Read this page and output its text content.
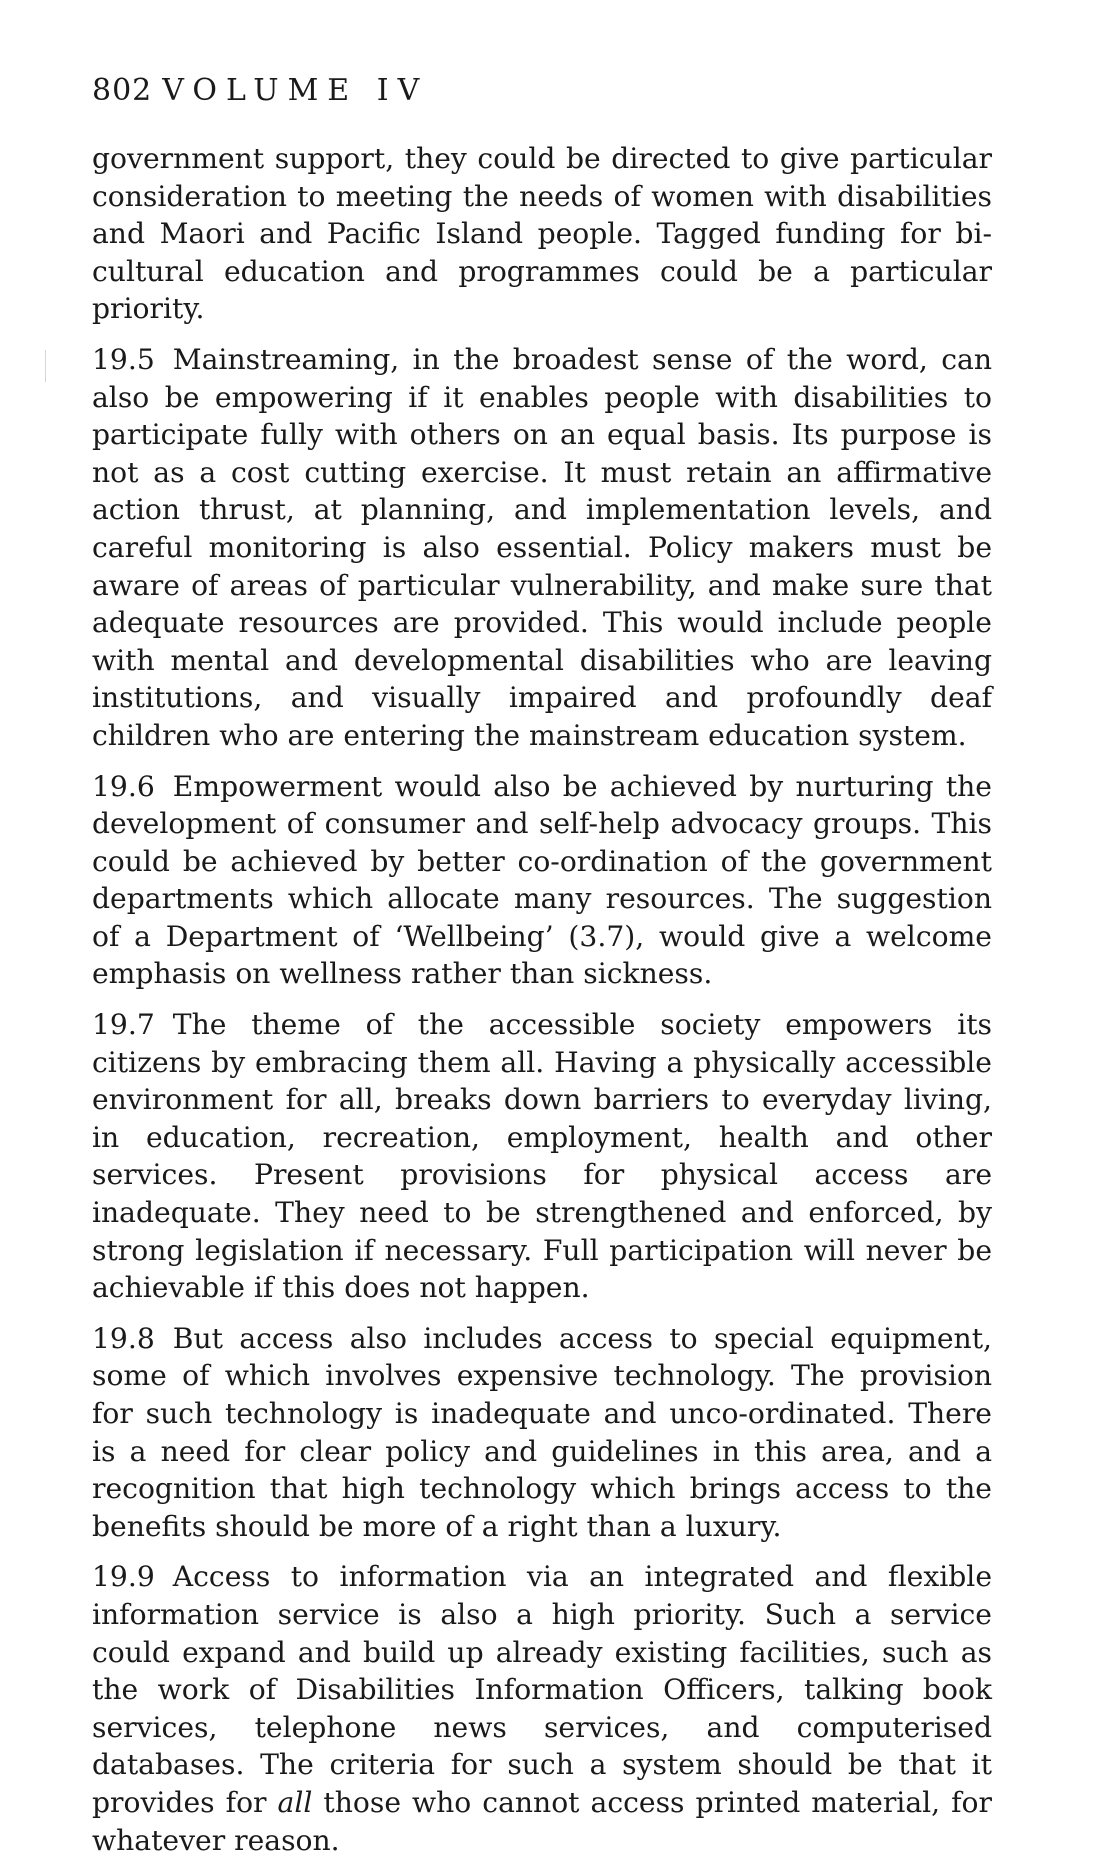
802 VOLUME IV

government support, they could be directed to give particular consideration to meeting the needs of women with disabilities and Maori and Pacific Island people. Tagged funding for bi-cultural education and programmes could be a particular priority.

19.5 Mainstreaming, in the broadest sense of the word, can also be empowering if it enables people with disabilities to participate fully with others on an equal basis. Its purpose is not as a cost cutting exercise. It must retain an affirmative action thrust, at planning, and implementation levels, and careful monitoring is also essential. Policy makers must be aware of areas of particular vulnerability, and make sure that adequate resources are provided. This would include people with mental and developmental disabilities who are leaving institutions, and visually impaired and profoundly deaf children who are entering the mainstream education system.

19.6 Empowerment would also be achieved by nurturing the development of consumer and self-help advocacy groups. This could be achieved by better co-ordination of the government departments which allocate many resources. The suggestion of a Department of ‘Wellbeing’ (3.7), would give a welcome emphasis on wellness rather than sickness.

19.7 The theme of the accessible society empowers its citizens by embracing them all. Having a physically accessible environment for all, breaks down barriers to everyday living, in education, recreation, employment, health and other services. Present provisions for physical access are inadequate. They need to be strengthened and enforced, by strong legislation if necessary. Full participation will never be achievable if this does not happen.

19.8 But access also includes access to special equipment, some of which involves expensive technology. The provision for such technology is inadequate and unco-ordinated. There is a need for clear policy and guidelines in this area, and a recognition that high technology which brings access to the benefits should be more of a right than a luxury.

19.9 Access to information via an integrated and flexible information service is also a high priority. Such a service could expand and build up already existing facilities, such as the work of Disabilities Information Officers, talking book services, telephone news services, and computerised databases. The criteria for such a system should be that it provides for all those who cannot access printed material, for whatever reason.
